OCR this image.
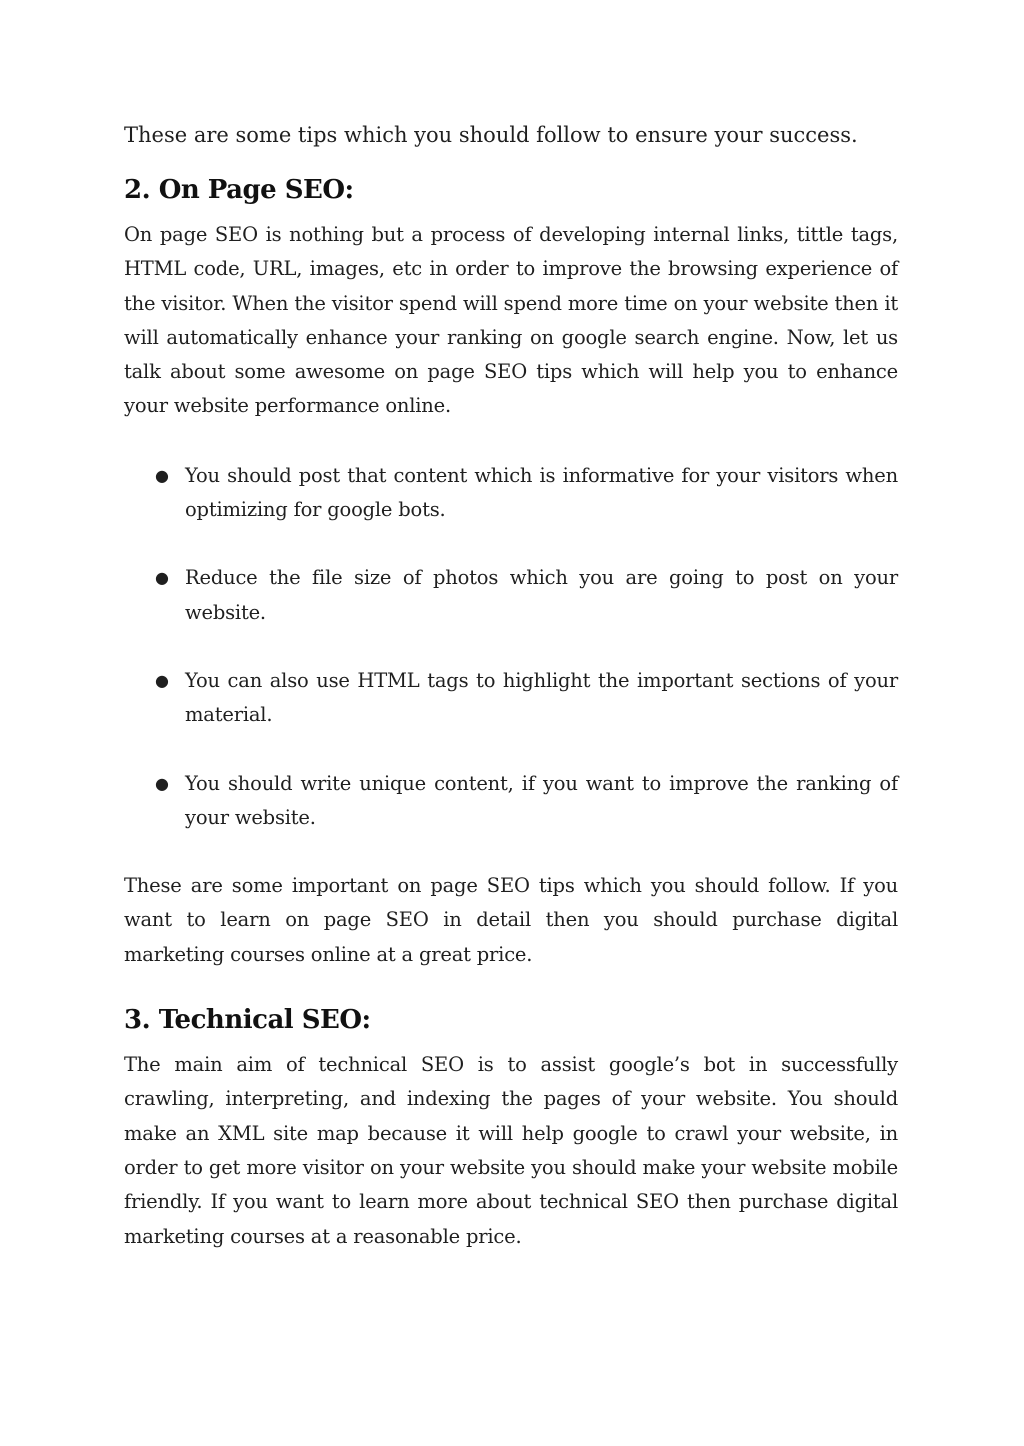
These are some tips which you should follow to ensure your success.

2. On Page SEO:

On page SEO is nothing but a process of developing internal links, tittle tags, HTML code, URL, images, etc in order to improve the browsing experience of the visitor. When the visitor spend will spend more time on your website then it will automatically enhance your ranking on google search engine. Now, let us talk about some awesome on page SEO tips which will help you to enhance your website performance online.

● You should post that content which is informative for your visitors when optimizing for google bots.
● Reduce the file size of photos which you are going to post on your website.
● You can also use HTML tags to highlight the important sections of your material.
● You should write unique content, if you want to improve the ranking of your website.

These are some important on page SEO tips which you should follow. If you want to learn on page SEO in detail then you should purchase digital marketing courses online at a great price.

3. Technical SEO:

The main aim of technical SEO is to assist google’s bot in successfully crawling, interpreting, and indexing the pages of your website. You should make an XML site map because it will help google to crawl your website, in order to get more visitor on your website you should make your website mobile friendly. If you want to learn more about technical SEO then purchase digital marketing courses at a reasonable price.
